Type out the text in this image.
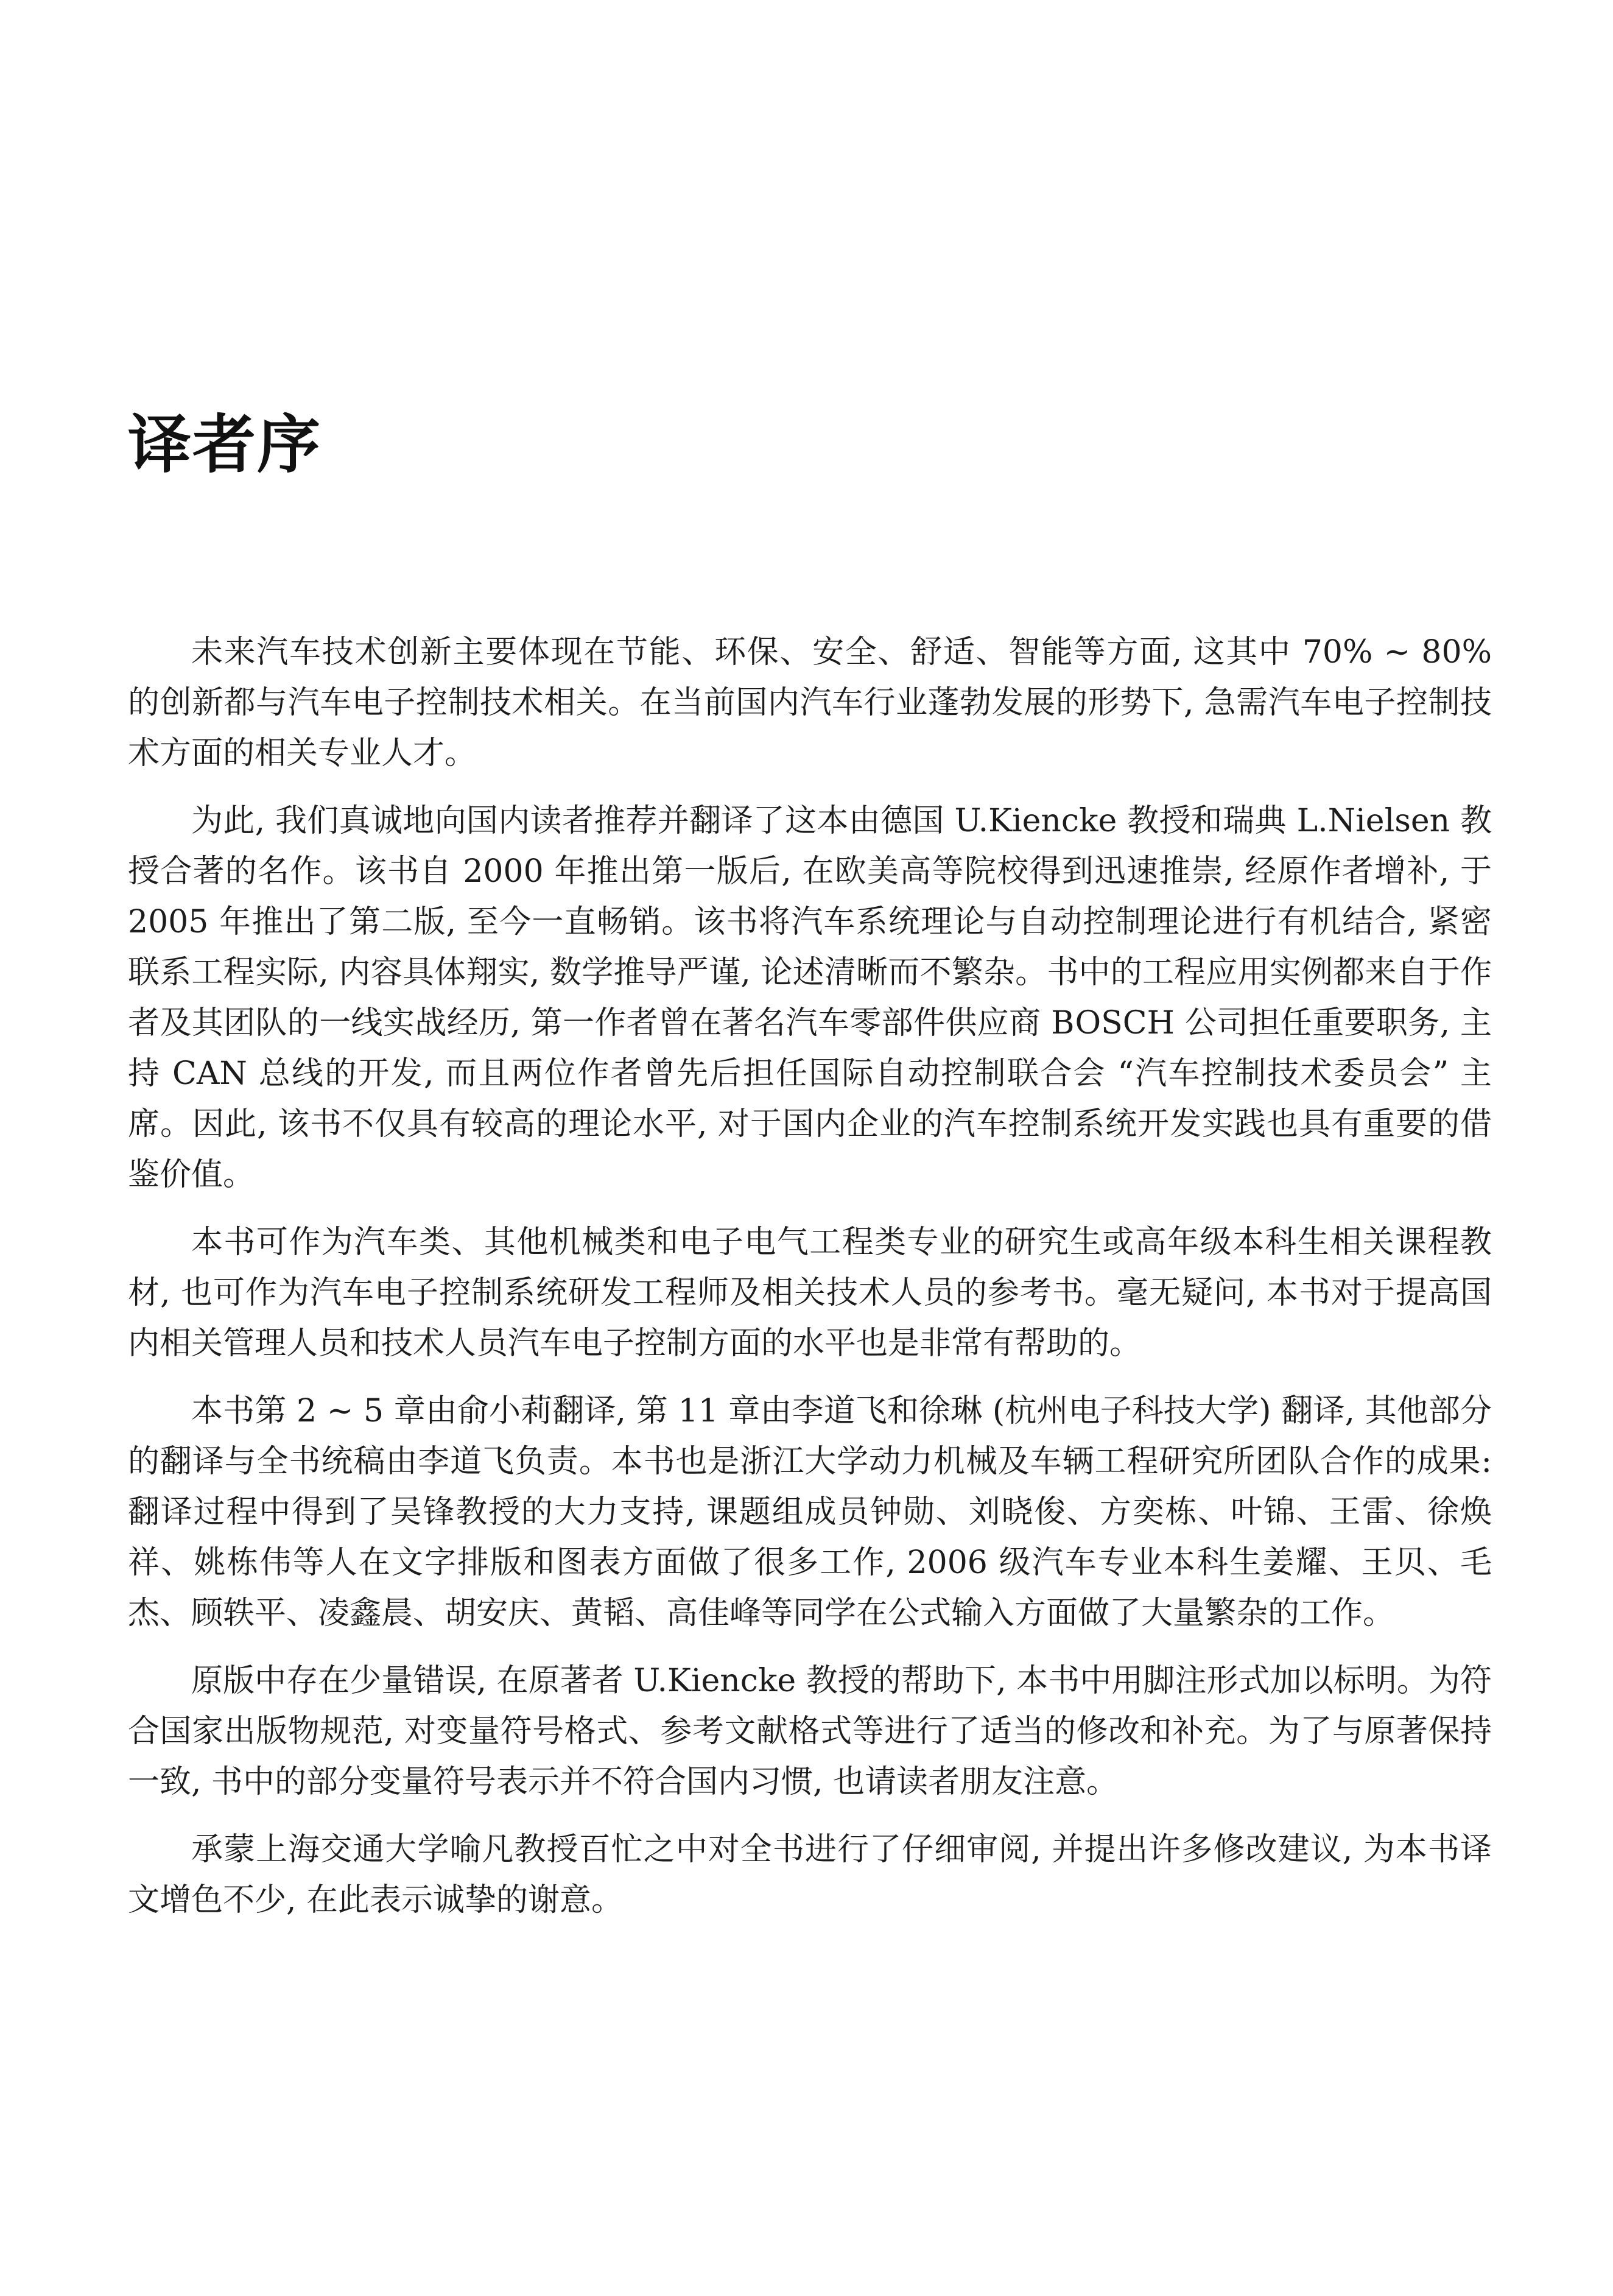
译者序

未来汽车技术创新主要体现在节能、环保、安全、舒适、智能等方面, 这其中 70% ~ 80% 的创新都与汽车电子控制技术相关。在当前国内汽车行业蓬勃发展的形势下, 急需汽车电子控制技术方面的相关专业人才。

为此, 我们真诚地向国内读者推荐并翻译了这本由德国 U.Kiencke 教授和瑞典 L.Nielsen 教授合著的名作。该书自 2000 年推出第一版后, 在欧美高等院校得到迅速推崇, 经原作者增补, 于 2005 年推出了第二版, 至今一直畅销。该书将汽车系统理论与自动控制理论进行有机结合, 紧密联系工程实际, 内容具体翔实, 数学推导严谨, 论述清晰而不繁杂。书中的工程应用实例都来自于作者及其团队的一线实战经历, 第一作者曾在著名汽车零部件供应商 BOSCH 公司担任重要职务, 主持 CAN 总线的开发, 而且两位作者曾先后担任国际自动控制联合会 “汽车控制技术委员会” 主席。因此, 该书不仅具有较高的理论水平, 对于国内企业的汽车控制系统开发实践也具有重要的借鉴价值。

本书可作为汽车类、其他机械类和电子电气工程类专业的研究生或高年级本科生相关课程教材, 也可作为汽车电子控制系统研发工程师及相关技术人员的参考书。毫无疑问, 本书对于提高国内相关管理人员和技术人员汽车电子控制方面的水平也是非常有帮助的。

本书第 2 ~ 5 章由俞小莉翻译, 第 11 章由李道飞和徐琳 (杭州电子科技大学) 翻译, 其他部分的翻译与全书统稿由李道飞负责。本书也是浙江大学动力机械及车辆工程研究所团队合作的成果: 翻译过程中得到了吴锋教授的大力支持, 课题组成员钟勋、刘晓俊、方奕栋、叶锦、王雷、徐焕祥、姚栋伟等人在文字排版和图表方面做了很多工作, 2006 级汽车专业本科生姜耀、王贝、毛杰、顾轶平、凌鑫晨、胡安庆、黄韬、高佳峰等同学在公式输入方面做了大量繁杂的工作。

原版中存在少量错误, 在原著者 U.Kiencke 教授的帮助下, 本书中用脚注形式加以标明。为符合国家出版物规范, 对变量符号格式、参考文献格式等进行了适当的修改和补充。为了与原著保持一致, 书中的部分变量符号表示并不符合国内习惯, 也请读者朋友注意。

承蒙上海交通大学喻凡教授百忙之中对全书进行了仔细审阅, 并提出许多修改建议, 为本书译文增色不少, 在此表示诚挚的谢意。
